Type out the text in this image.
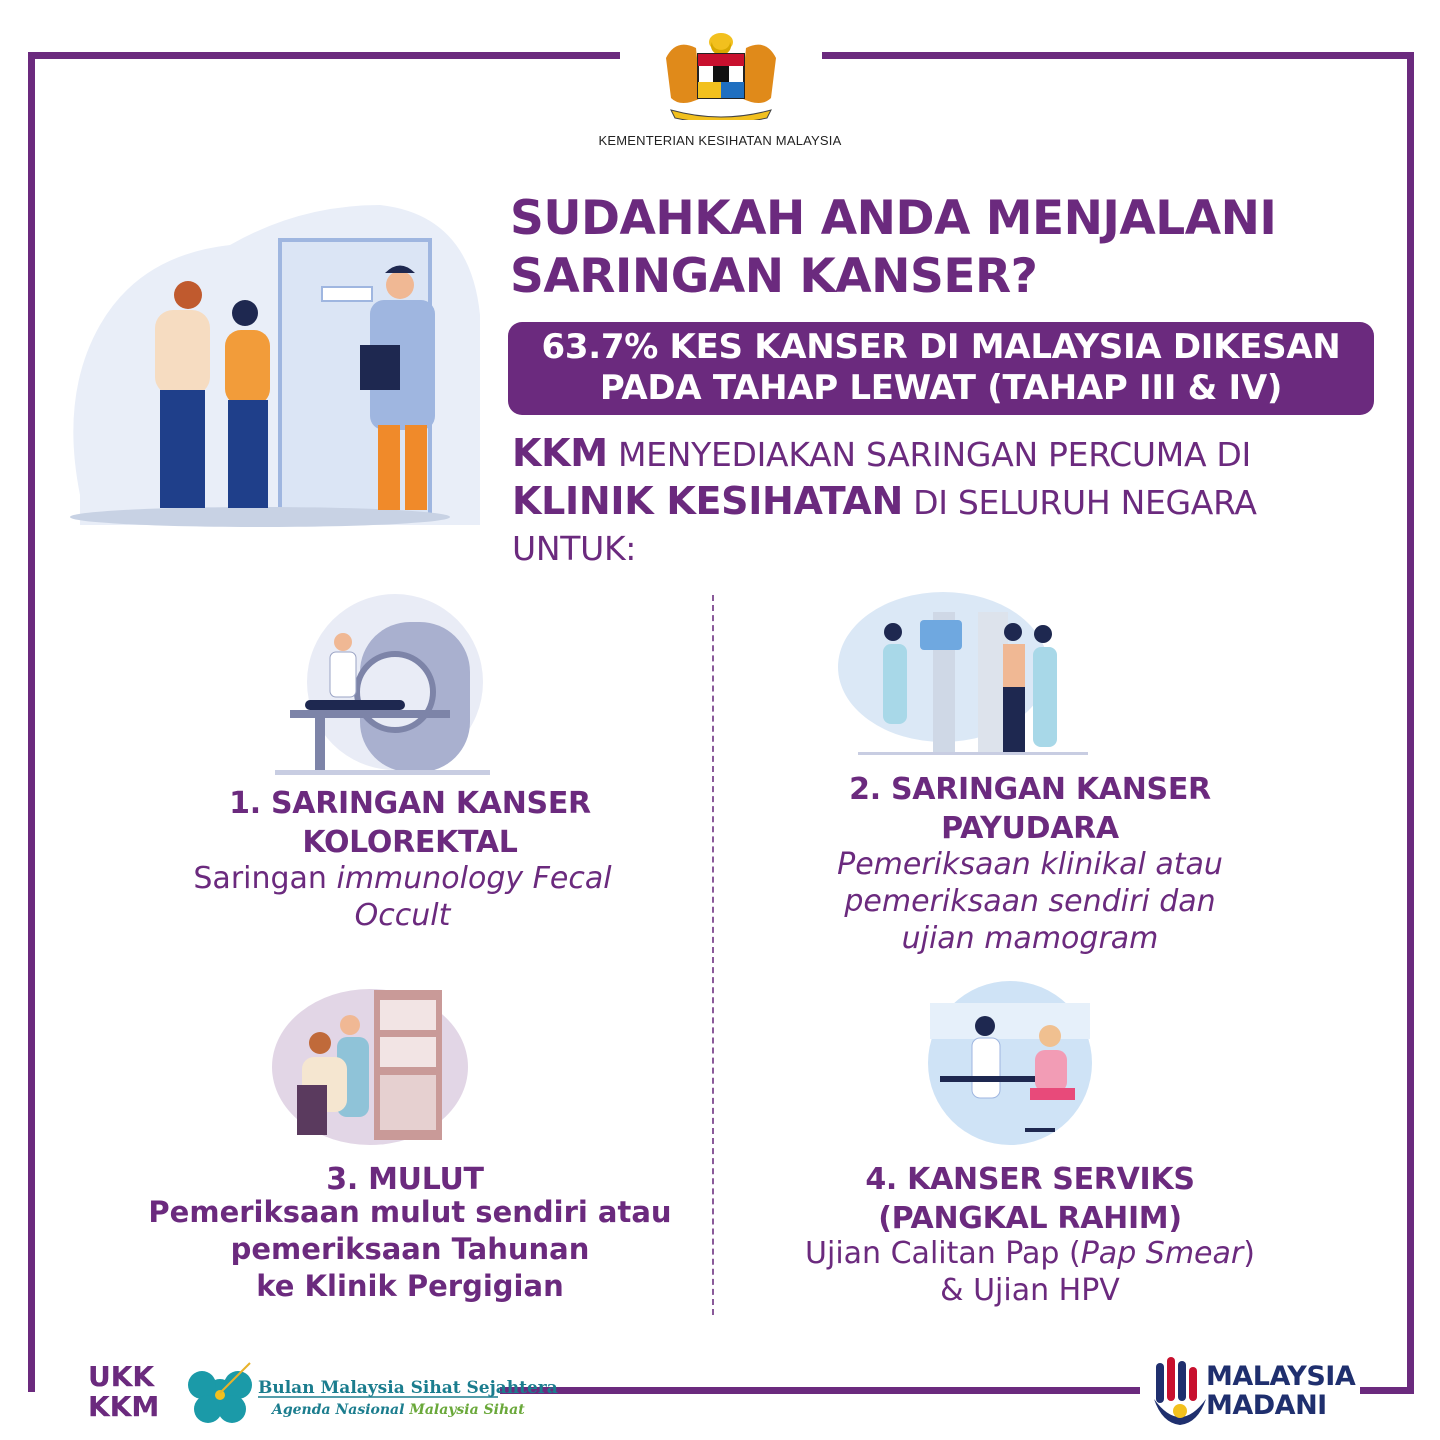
KEMENTERIAN KESIHATAN MALAYSIA
SUDAHKAH ANDA MENJALANI
SARINGAN KANSER?
63.7% KES KANSER DI MALAYSIA DIKESAN
PADA TAHAP LEWAT (TAHAP III & IV)
KKM MENYEDIAKAN SARINGAN PERCUMA DI
KLINIK KESIHATAN DI SELURUH NEGARA
UNTUK:
1. SARINGAN KANSER
KOLOREKTAL
Saringan immunology Fecal
Occult
2. SARINGAN KANSER
PAYUDARA
Pemeriksaan klinikal atau
pemeriksaan sendiri dan
ujian mamogram
3. MULUT
Pemeriksaan mulut sendiri atau
pemeriksaan Tahunan
ke Klinik Pergigian
4. KANSER SERVIKS
(PANGKAL RAHIM)
Ujian Calitan Pap (Pap Smear)
& Ujian HPV
UKK
KKM
Bulan Malaysia Sihat Sejahtera
Agenda Nasional Malaysia Sihat
MALAYSIA
MADANI
